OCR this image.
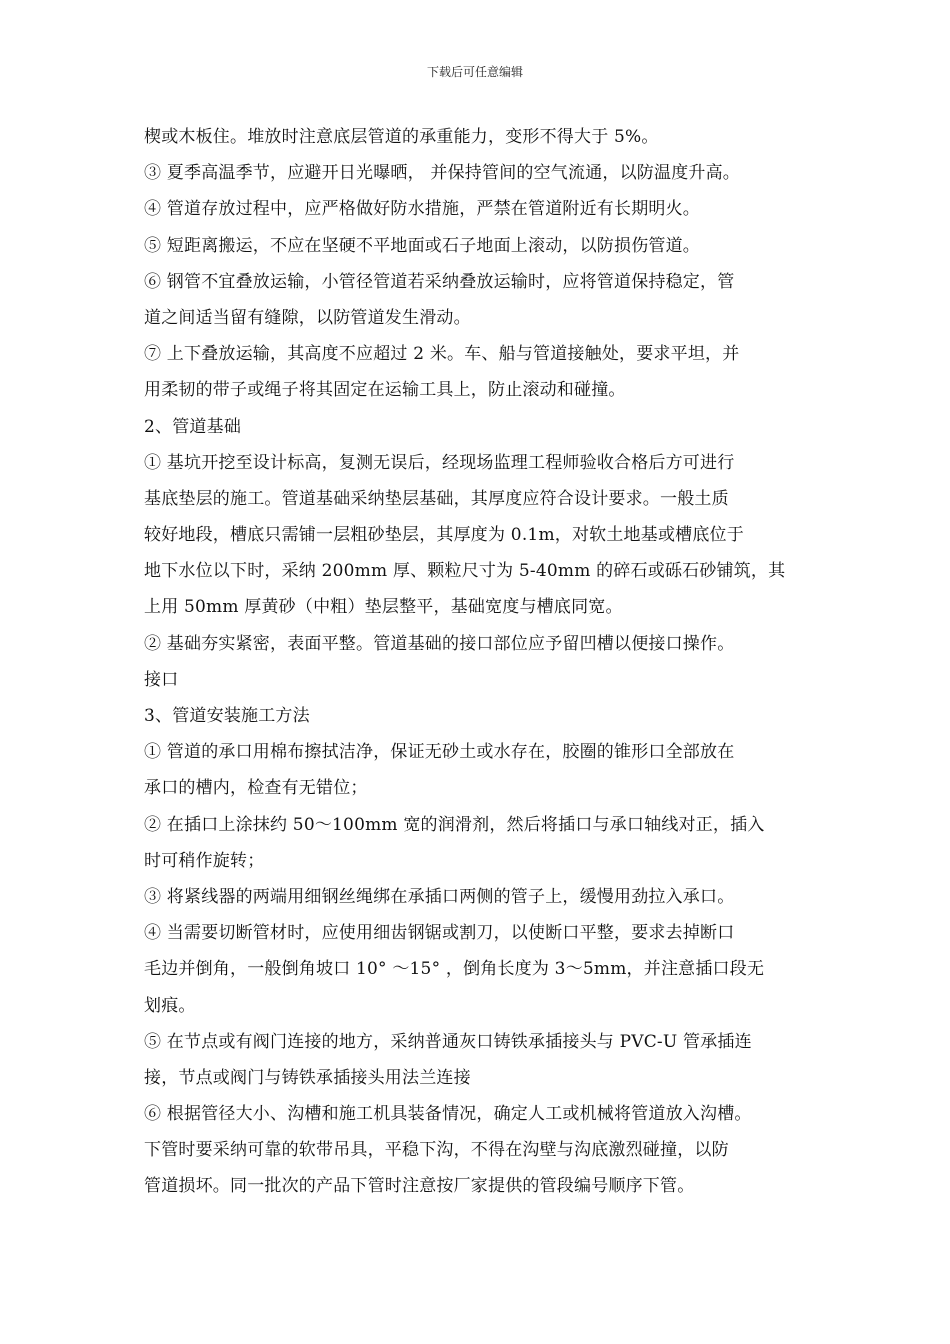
下载后可任意编辑
楔或木板住。堆放时注意底层管道的承重能力，变形不得大于 5%。
③ 夏季高温季节，应避开日光曝晒， 并保持管间的空气流通，以防温度升高。
④ 管道存放过程中，应严格做好防水措施，严禁在管道附近有长期明火。
⑤ 短距离搬运，不应在坚硬不平地面或石子地面上滚动，以防损伤管道。
⑥ 钢管不宜叠放运输，小管径管道若采纳叠放运输时，应将管道保持稳定，管
道之间适当留有缝隙，以防管道发生滑动。
⑦ 上下叠放运输，其高度不应超过 2 米。车、船与管道接触处，要求平坦，并
用柔韧的带子或绳子将其固定在运输工具上，防止滚动和碰撞。
2、管道基础
① 基坑开挖至设计标高，复测无误后，经现场监理工程师验收合格后方可进行
基底垫层的施工。管道基础采纳垫层基础，其厚度应符合设计要求。一般土质
较好地段，槽底只需铺一层粗砂垫层，其厚度为 0.1m，对软土地基或槽底位于
地下水位以下时，采纳 200mm 厚、颗粒尺寸为 5-40mm 的碎石或砾石砂铺筑，其
上用 50mm 厚黄砂（中粗）垫层整平，基础宽度与槽底同宽。
② 基础夯实紧密，表面平整。管道基础的接口部位应予留凹槽以便接口操作。
接口
3、管道安装施工方法
① 管道的承口用棉布擦拭洁净，保证无砂土或水存在，胶圈的锥形口全部放在
承口的槽内，检查有无错位；
② 在插口上涂抹约 50～100mm 宽的润滑剂，然后将插口与承口轴线对正，插入
时可稍作旋转；
③ 将紧线器的两端用细钢丝绳绑在承插口两侧的管子上，缓慢用劲拉入承口。
④ 当需要切断管材时，应使用细齿钢锯或割刀，以使断口平整，要求去掉断口
毛边并倒角，一般倒角坡口 10° ～15° ，倒角长度为 3～5mm，并注意插口段无
划痕。
⑤ 在节点或有阀门连接的地方，采纳普通灰口铸铁承插接头与 PVC-U 管承插连
接，节点或阀门与铸铁承插接头用法兰连接
⑥ 根据管径大小、沟槽和施工机具装备情况，确定人工或机械将管道放入沟槽。
下管时要采纳可靠的软带吊具，平稳下沟，不得在沟壁与沟底激烈碰撞，以防
管道损坏。同一批次的产品下管时注意按厂家提供的管段编号顺序下管。
